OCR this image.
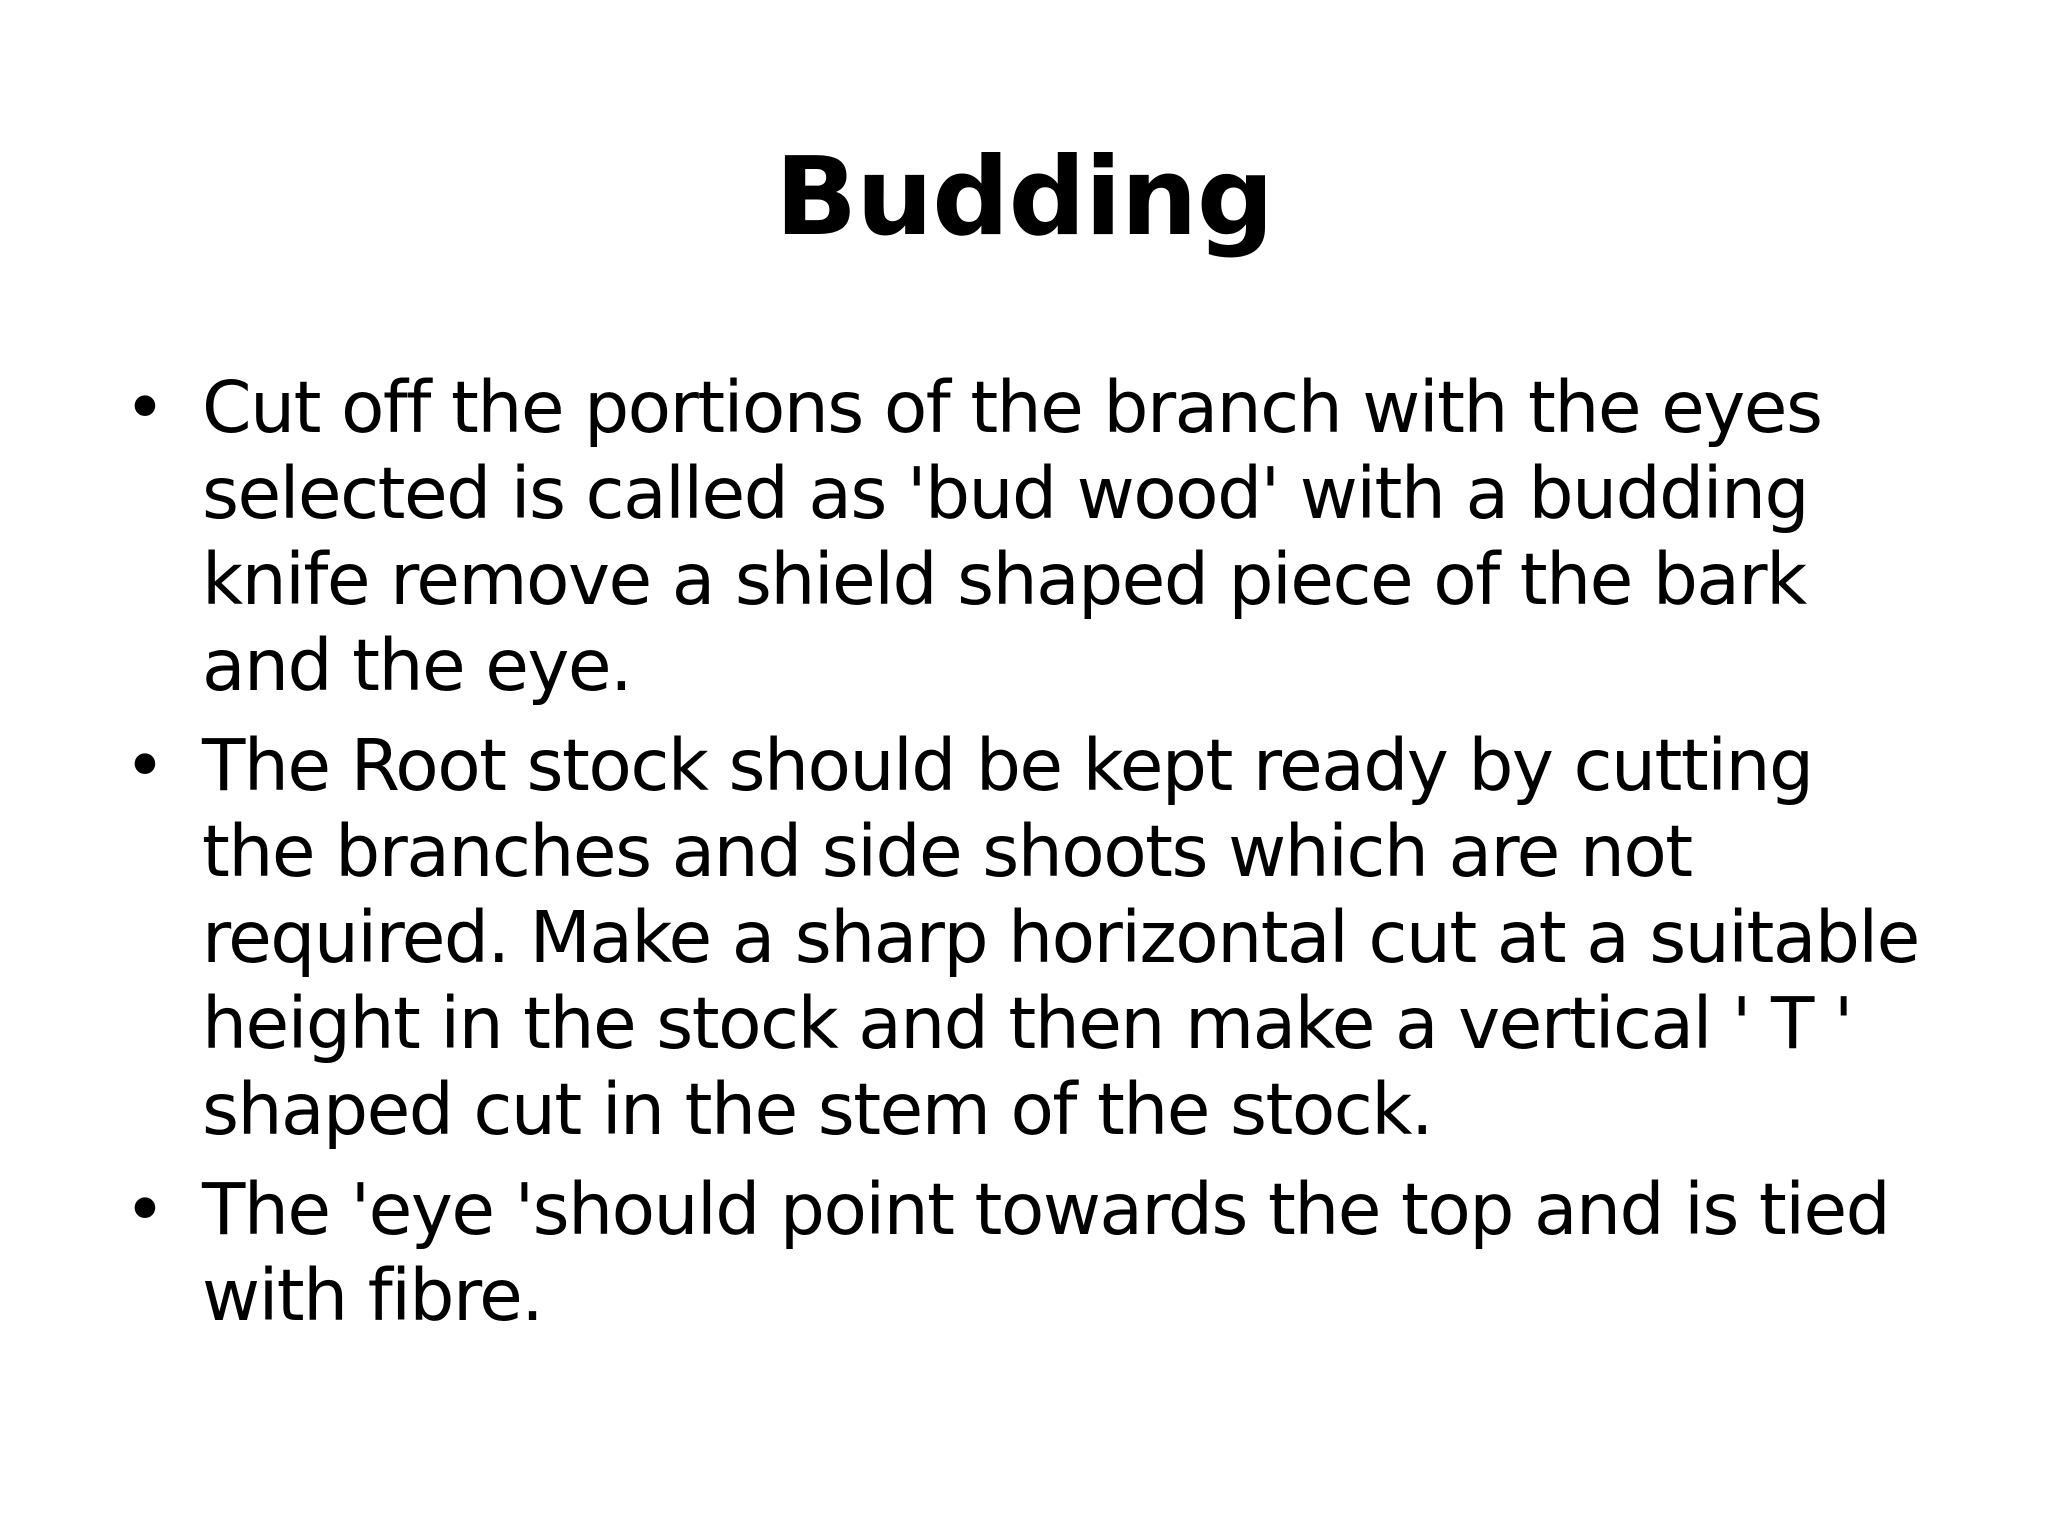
Budding
• Cut off the portions of the branch with the eyes selected is called as 'bud wood' with a budding knife remove a shield shaped piece of the bark and the eye.
• The Root stock should be kept ready by cutting the branches and side shoots which are not required. Make a sharp horizontal cut at a suitable height in the stock and then make a vertical ' T ' shaped cut in the stem of the stock.
• The 'eye 'should point towards the top and is tied with fibre.
